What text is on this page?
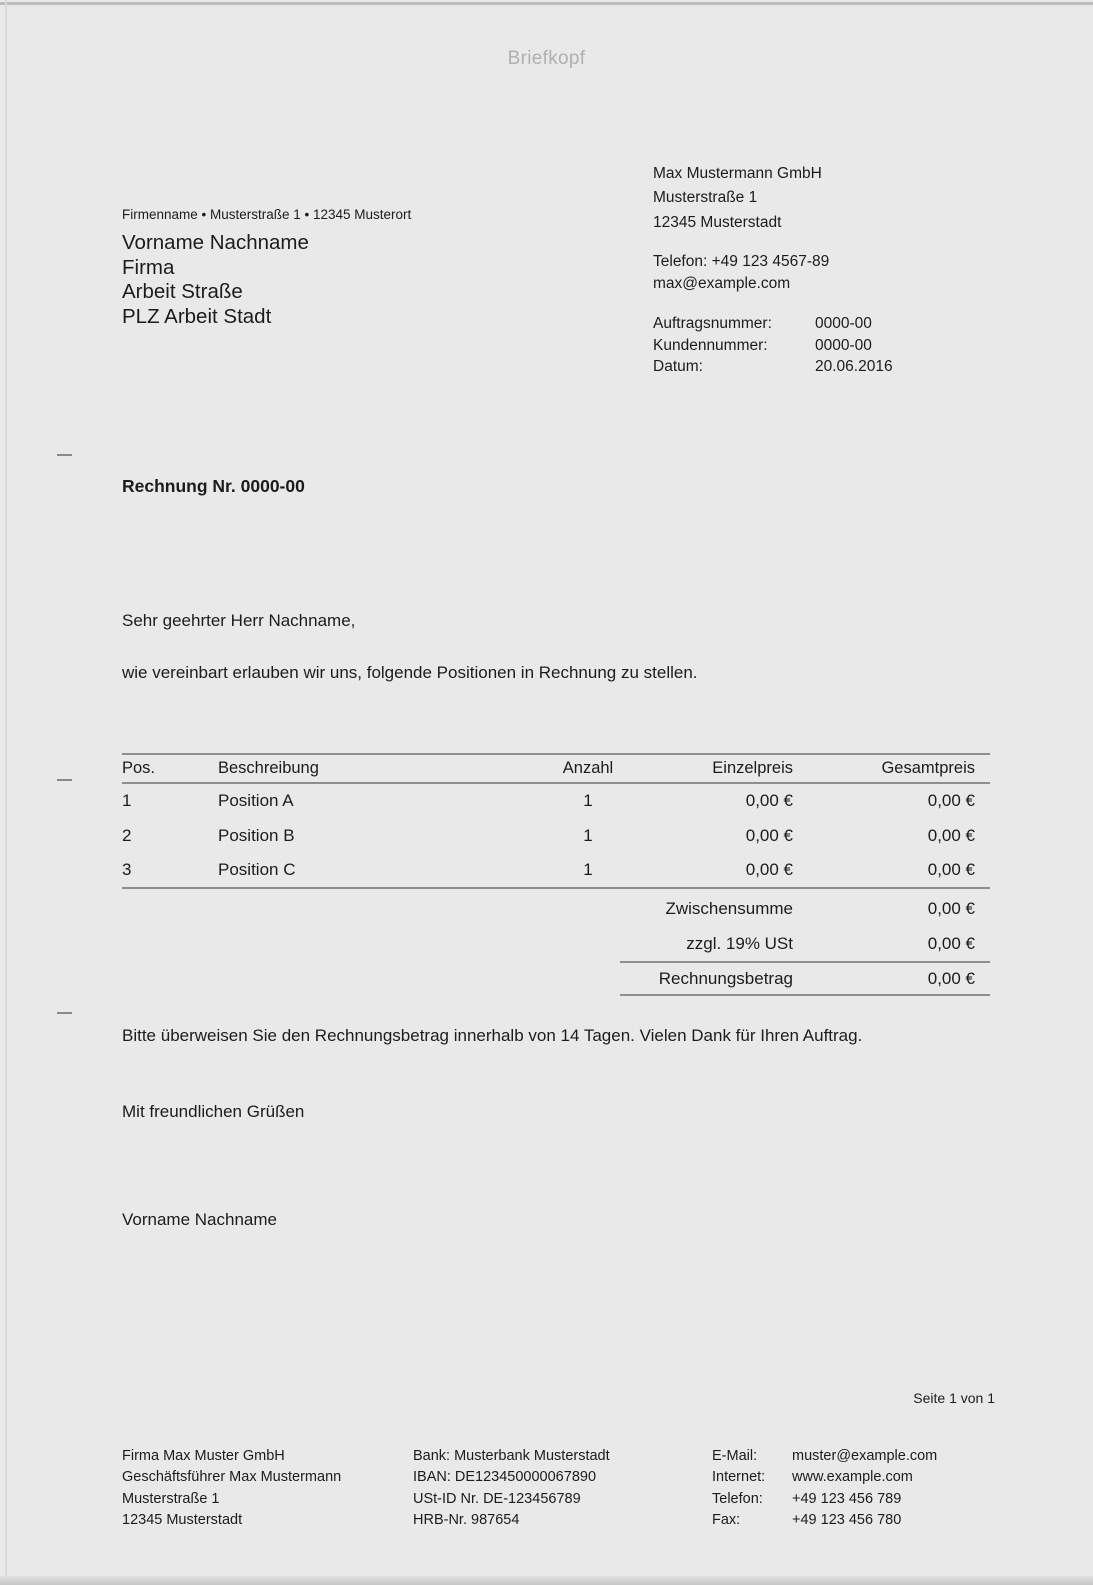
Briefkopf
Firmenname • Musterstraße 1 • 12345 Musterort
Vorname Nachname
Firma
Arbeit Straße
PLZ Arbeit Stadt
Max Mustermann GmbH
Musterstraße 1
12345 Musterstadt
Telefon: +49 123 4567-89
max@example.com
Auftragsnummer:	0000-00
Kundennummer:	0000-00
Datum:	20.06.2016
Rechnung Nr. 0000-00
Sehr geehrter Herr Nachname,
wie vereinbart erlauben wir uns, folgende Positionen in Rechnung zu stellen.
Pos.	Beschreibung	Anzahl	Einzelpreis	Gesamtpreis
1	Position A	1	0,00 €	0,00 €
2	Position B	1	0,00 €	0,00 €
3	Position C	1	0,00 €	0,00 €
Zwischensumme	0,00 €
zzgl. 19% USt	0,00 €
Rechnungsbetrag	0,00 €
Bitte überweisen Sie den Rechnungsbetrag innerhalb von 14 Tagen. Vielen Dank für Ihren Auftrag.
Mit freundlichen Grüßen
Vorname Nachname
Seite 1 von 1
Firma Max Muster GmbH
Geschäftsführer Max Mustermann
Musterstraße 1
12345 Musterstadt
Bank: Musterbank Musterstadt
IBAN: DE123450000067890
USt-ID Nr. DE-123456789
HRB-Nr. 987654
E-Mail: muster@example.com
Internet: www.example.com
Telefon: +49 123 456 789
Fax:	+49 123 456 780
